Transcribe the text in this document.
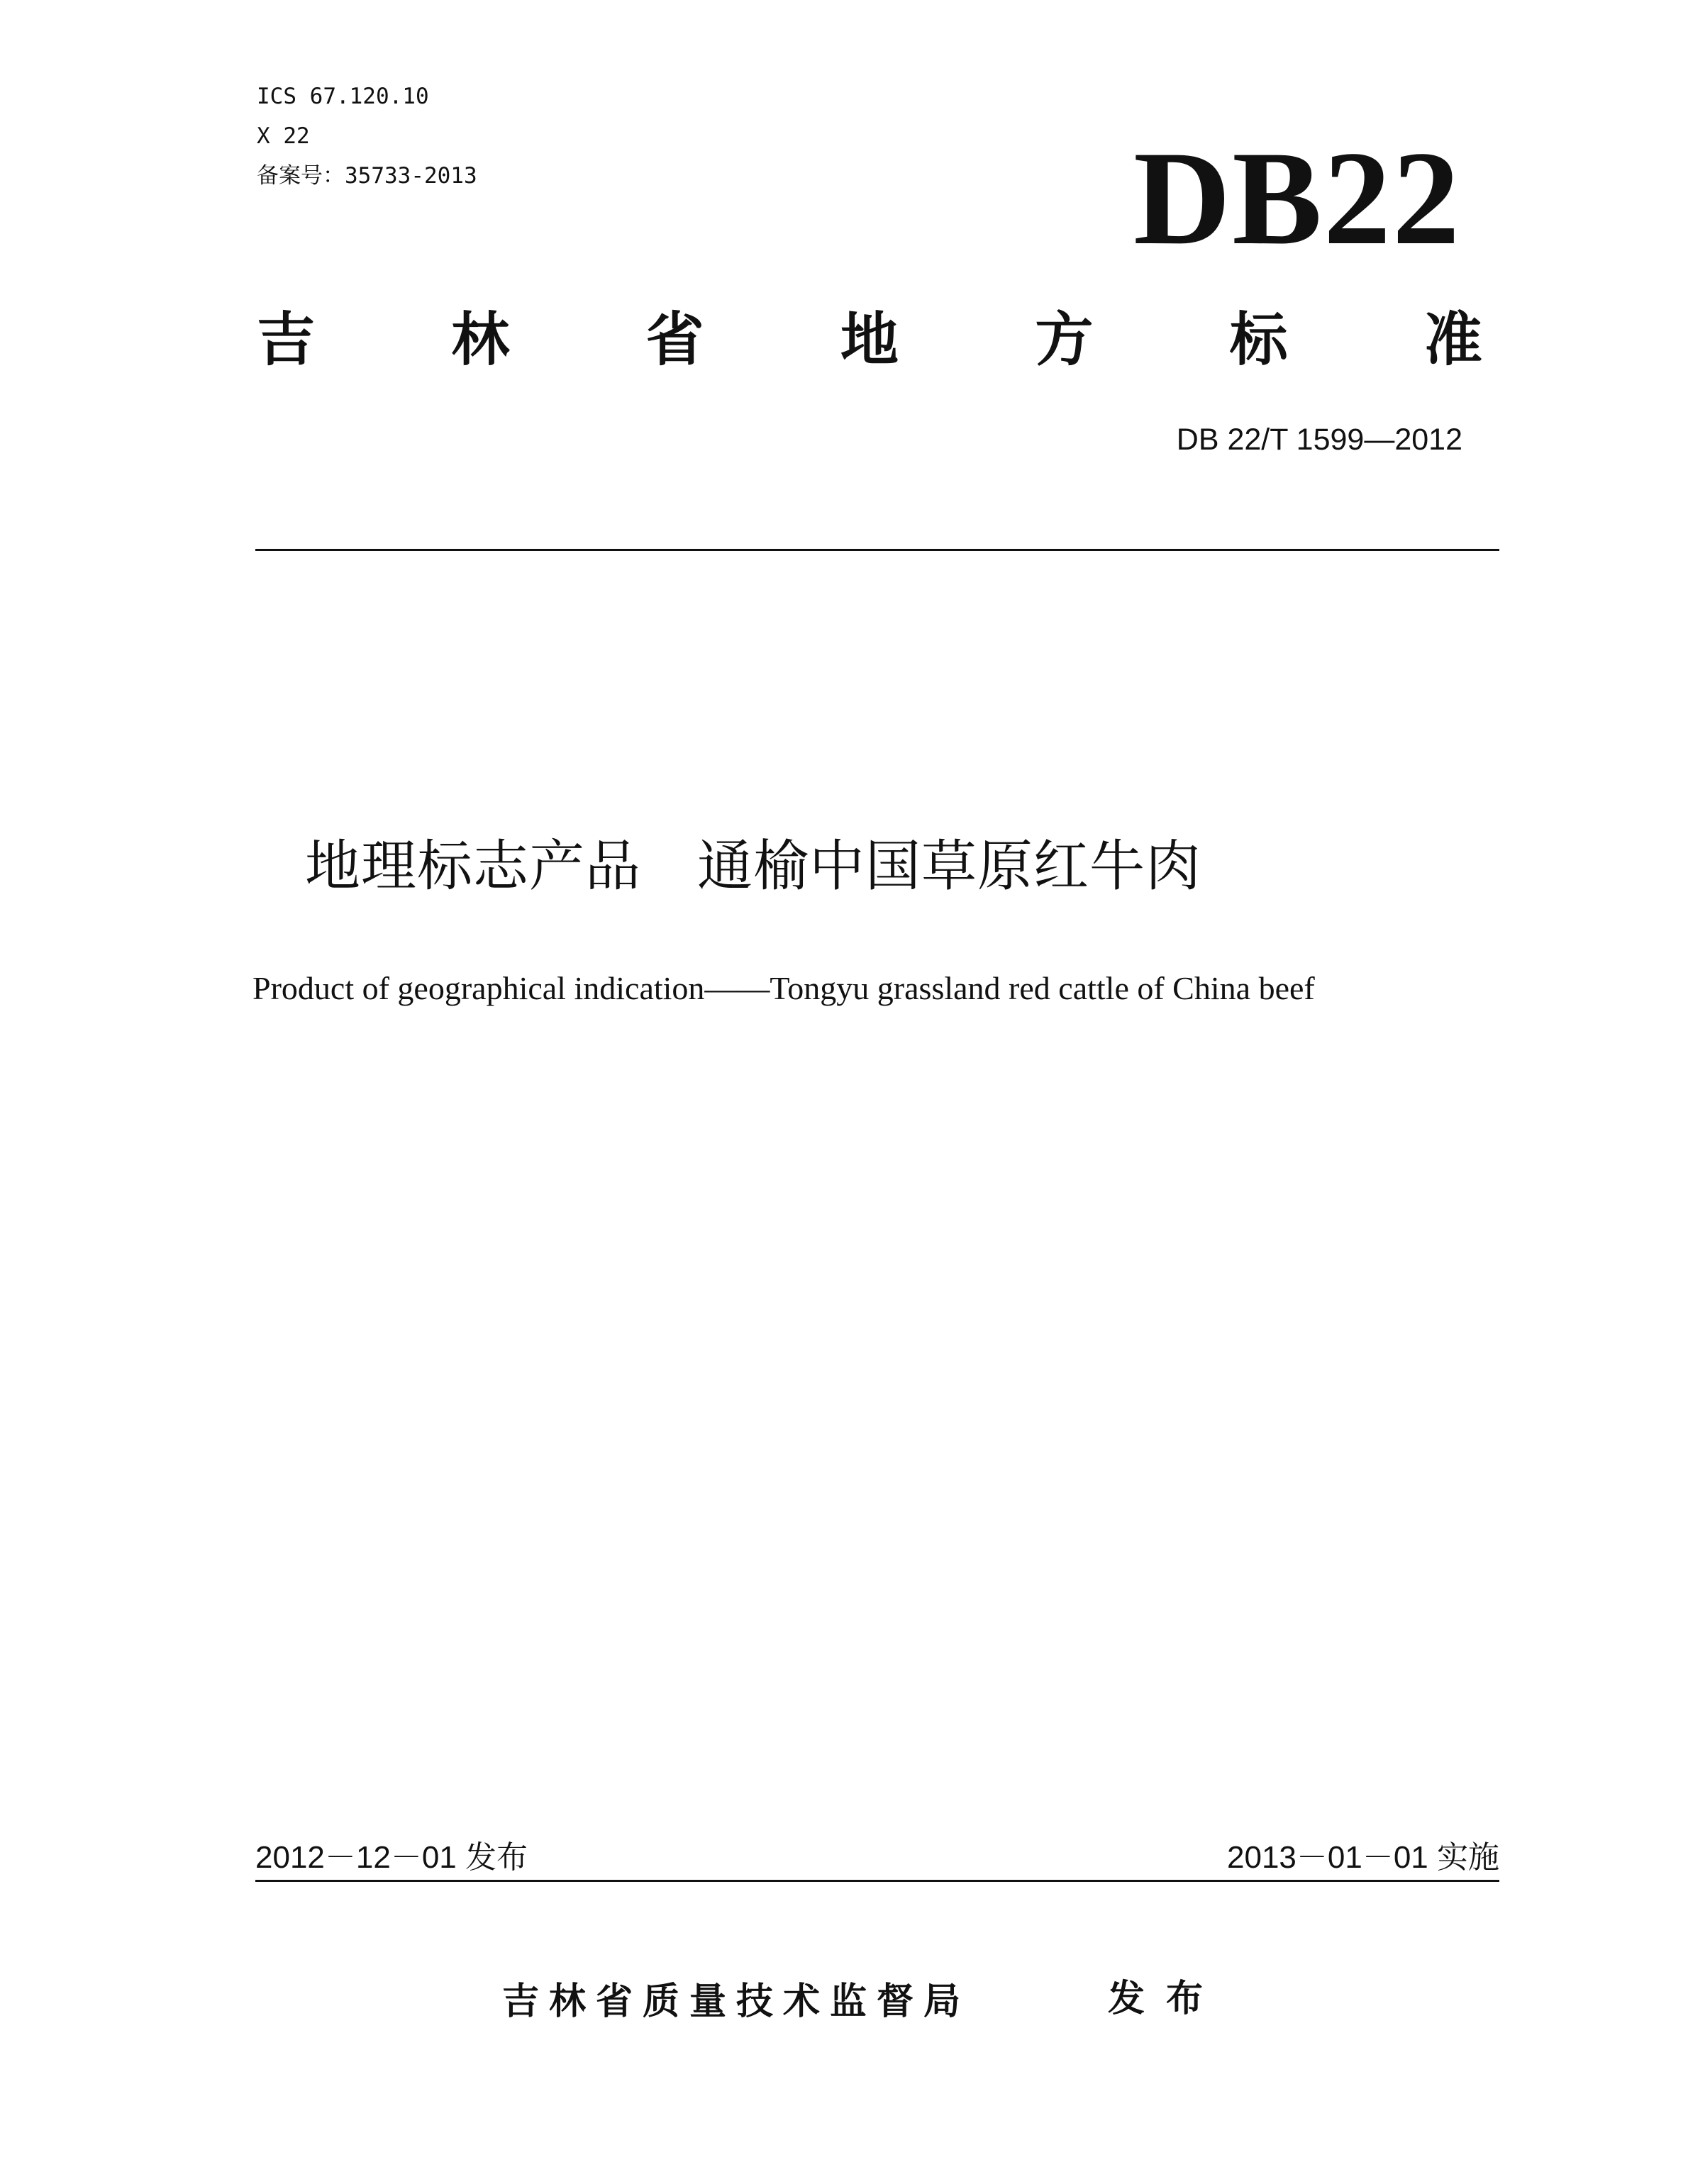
ICS 67.120.10
X 22
备案号：35733-2013	DB22
吉 林 省 地 方 标 准
DB 22/T 1599—2012
地理标志产品　通榆中国草原红牛肉
Product of geographical indication——Tongyu grassland red cattle of China beef
2012－12－01 发布	2013－01－01 实施
吉林省质量技术监督局	发布
